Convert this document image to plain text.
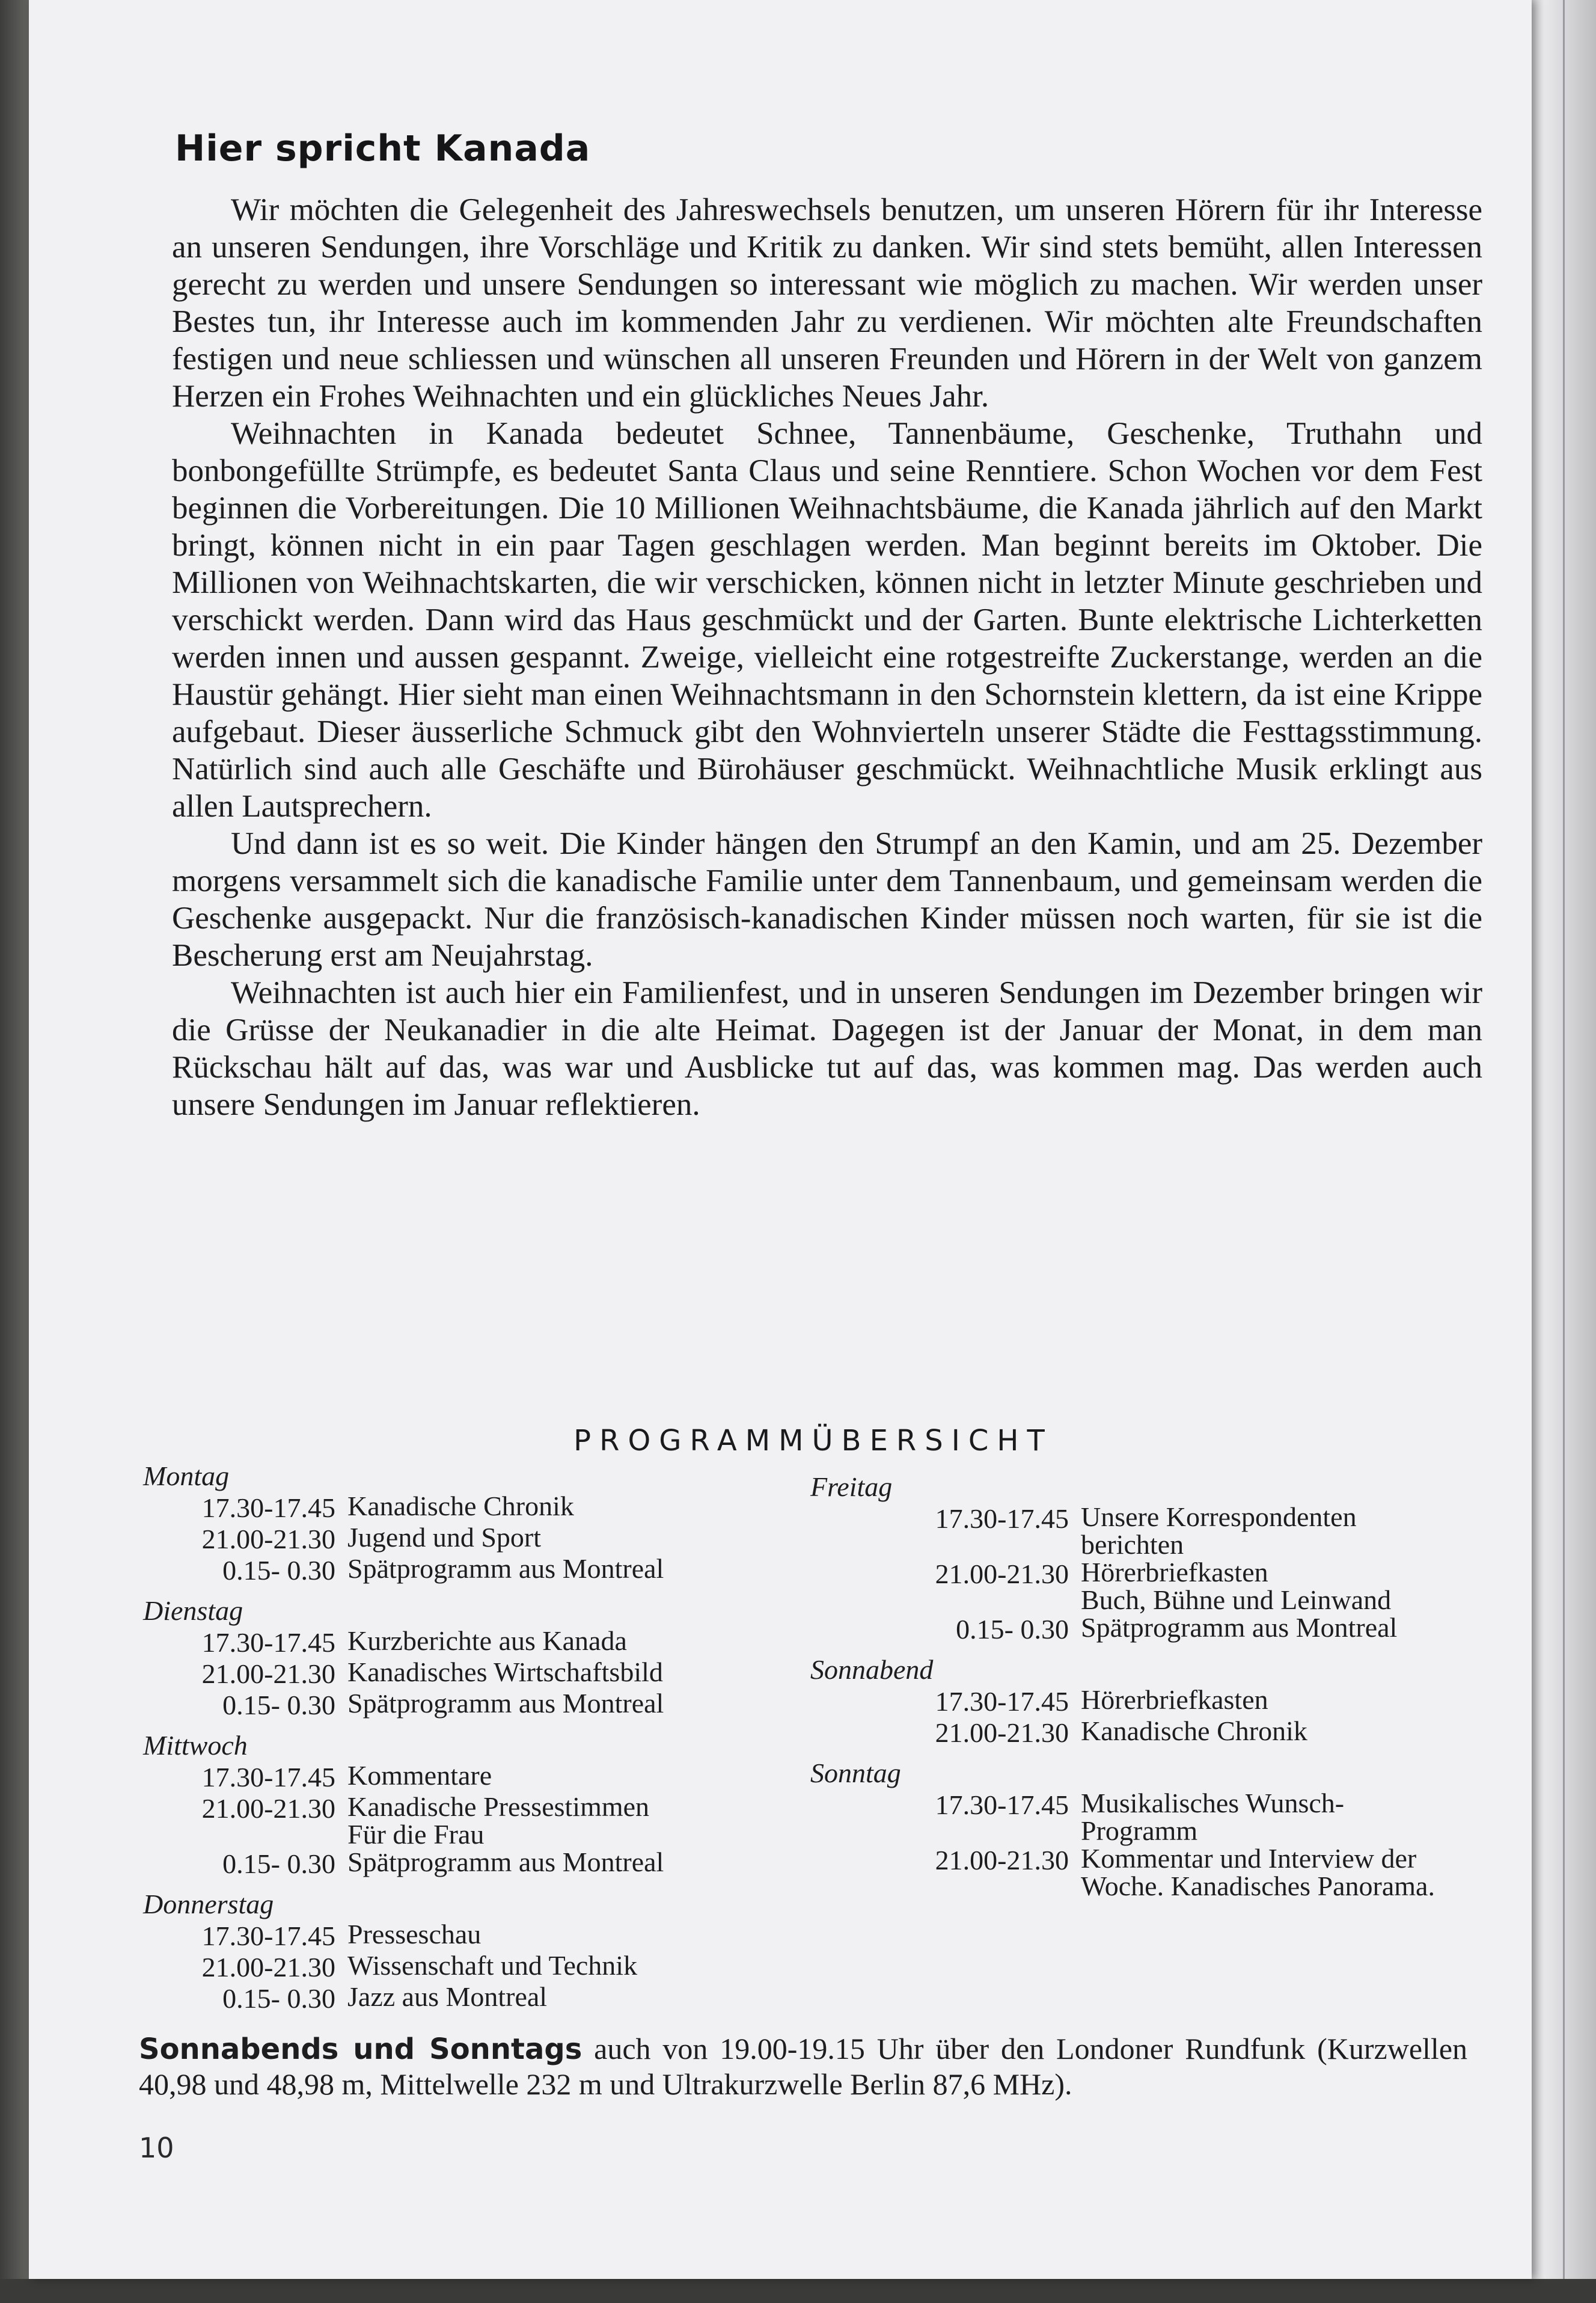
Hier spricht Kanada

Wir möchten die Gelegenheit des Jahreswechsels benutzen, um unseren Hörern für ihr Interesse an unseren Sendungen, ihre Vorschläge und Kritik zu danken. Wir sind stets bemüht, allen Interessen gerecht zu werden und unsere Sendungen so interessant wie möglich zu machen. Wir werden unser Bestes tun, ihr Interesse auch im kommenden Jahr zu verdienen. Wir möchten alte Freundschaften festigen und neue schliessen und wünschen all unseren Freunden und Hörern in der Welt von ganzem Herzen ein Frohes Weihnachten und ein glückliches Neues Jahr.

Weihnachten in Kanada bedeutet Schnee, Tannenbäume, Geschenke, Truthahn und bonbongefüllte Strümpfe, es bedeutet Santa Claus und seine Renntiere. Schon Wochen vor dem Fest beginnen die Vorbereitungen. Die 10 Millionen Weihnachtsbäume, die Kanada jährlich auf den Markt bringt, können nicht in ein paar Tagen geschlagen werden. Man beginnt bereits im Oktober. Die Millionen von Weihnachtskarten, die wir verschicken, können nicht in letzter Minute geschrieben und verschickt werden. Dann wird das Haus geschmückt und der Garten. Bunte elektrische Lichterketten werden innen und aussen gespannt. Zweige, vielleicht eine rotgestreifte Zuckerstange, werden an die Haustür gehängt. Hier sieht man einen Weihnachtsmann in den Schornstein klettern, da ist eine Krippe aufgebaut. Dieser äusserliche Schmuck gibt den Wohnvierteln unserer Städte die Festtagsstimmung. Natürlich sind auch alle Geschäfte und Bürohäuser geschmückt. Weihnachtliche Musik erklingt aus allen Lautsprechern.

Und dann ist es so weit. Die Kinder hängen den Strumpf an den Kamin, und am 25. Dezember morgens versammelt sich die kanadische Familie unter dem Tannenbaum, und gemeinsam werden die Geschenke ausgepackt. Nur die französisch-kanadischen Kinder müssen noch warten, für sie ist die Bescherung erst am Neujahrstag.

Weihnachten ist auch hier ein Familienfest, und in unseren Sendungen im Dezember bringen wir die Grüsse der Neukanadier in die alte Heimat. Dagegen ist der Januar der Monat, in dem man Rückschau hält auf das, was war und Ausblicke tut auf das, was kommen mag. Das werden auch unsere Sendungen im Januar reflektieren.

PROGRAMMÜBERSICHT
Montag
17.30-17.45 Kanadische Chronik
21.00-21.30 Jugend und Sport
0.15- 0.30 Spätprogramm aus Montreal
Dienstag
17.30-17.45 Kurzberichte aus Kanada
21.00-21.30 Kanadisches Wirtschaftsbild
0.15- 0.30 Spätprogramm aus Montreal
Mittwoch
17.30-17.45 Kommentare
21.00-21.30 Kanadische Pressestimmen
Für die Frau
0.15- 0.30 Spätprogramm aus Montreal
Donnerstag
17.30-17.45 Presseschau
21.00-21.30 Wissenschaft und Technik
0.15- 0.30 Jazz aus Montreal
Freitag
17.30-17.45 Unsere Korrespondenten
berichten
21.00-21.30 Hörerbriefkasten
Buch, Bühne und Leinwand
0.15- 0.30 Spätprogramm aus Montreal
Sonnabend
17.30-17.45 Hörerbriefkasten
21.00-21.30 Kanadische Chronik
Sonntag
17.30-17.45 Musikalisches Wunsch-
Programm
21.00-21.30 Kommentar und Interview der
Woche. Kanadisches Panorama.
Sonnabends und Sonntags auch von 19.00-19.15 Uhr über den Londoner Rundfunk (Kurzwellen 40,98 und 48,98 m, Mittelwelle 232 m und Ultrakurzwelle Berlin 87,6 MHz).
10
